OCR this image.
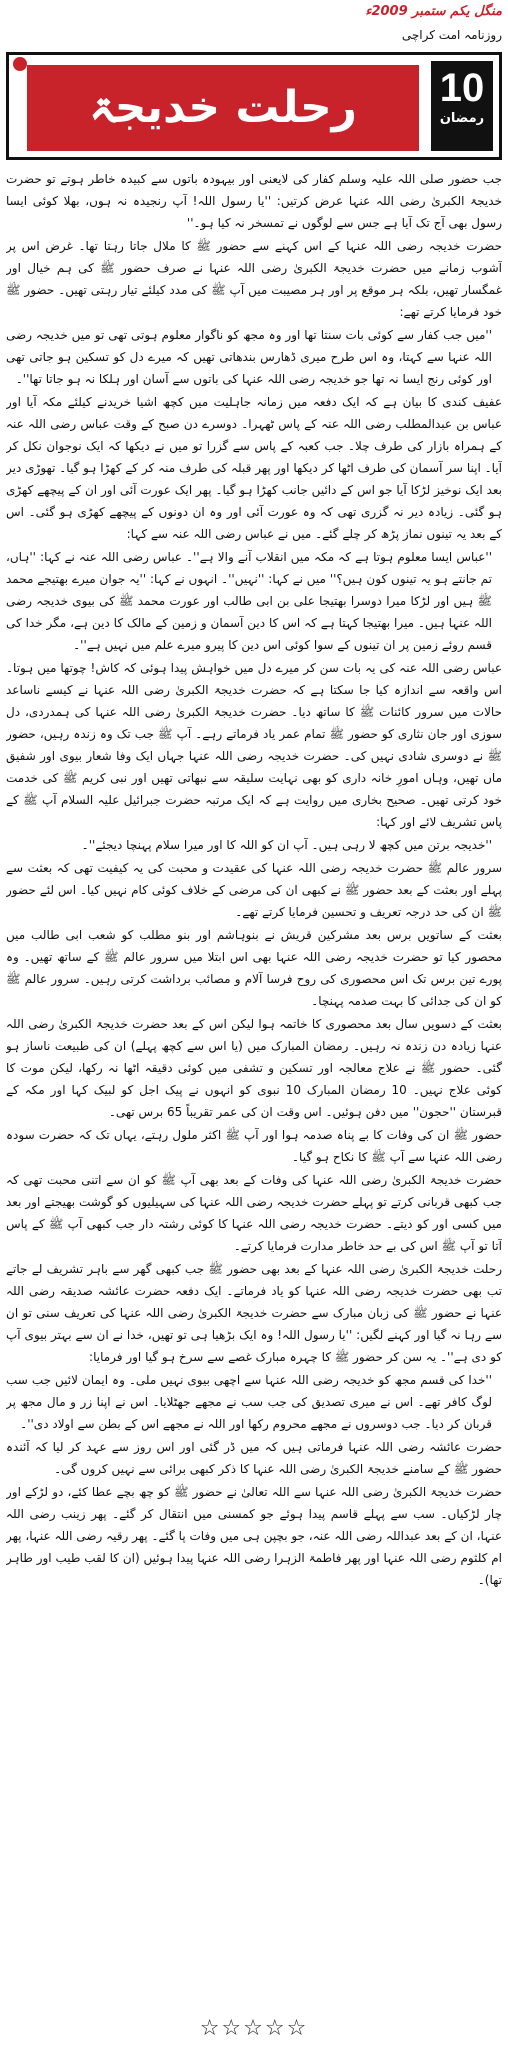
منگل یکم ستمبر 2009ء
روزنامہ امت کراچی
10
رمضان
رحلت خدیجۃ الکبریٰ

جب حضور صلی اللہ علیہ وسلم کفار کی لایعنی اور بیہودہ باتوں سے کبیدہ خاطر ہوتے تو حضرت خدیجۃ الکبریٰ رضی اللہ عنہا عرض کرتیں: ''یا رسول اللہ! آپ رنجیدہ نہ ہوں، بھلا کوئی ایسا رسول بھی آج تک آیا ہے جس سے لوگوں نے تمسخر نہ کیا ہو۔''

حضرت خدیجہ رضی اللہ عنہا کے اس کہنے سے حضور ﷺ کا ملال جاتا رہتا تھا۔ غرض اس پر آشوب زمانے میں حضرت خدیجۃ الکبریٰ رضی اللہ عنہا نے صرف حضور ﷺ کی ہم خیال اور غمگسار تھیں، بلکہ ہر موقع پر اور ہر مصیبت میں آپ ﷺ کی مدد کیلئے تیار رہتی تھیں۔ حضور ﷺ خود فرمایا کرتے تھے:

''میں جب کفار سے کوئی بات سنتا تھا اور وہ مجھ کو ناگوار معلوم ہوتی تھی تو میں خدیجہ رضی اللہ عنہا سے کہتا، وہ اس طرح میری ڈھارس بندھاتی تھیں کہ میرے دل کو تسکین ہو جاتی تھی اور کوئی رنج ایسا نہ تھا جو خدیجہ رضی اللہ عنہا کی باتوں سے آسان اور ہلکا نہ ہو جاتا تھا''۔

عفیف کندی کا بیان ہے کہ ایک دفعہ میں زمانہ جاہلیت میں کچھ اشیا خریدنے کیلئے مکہ آیا اور عباس بن عبدالمطلب رضی اللہ عنہ کے پاس ٹھہرا۔ دوسرے دن صبح کے وقت عباس رضی اللہ عنہ کے ہمراہ بازار کی طرف چلا۔ جب کعبہ کے پاس سے گزرا تو میں نے دیکھا کہ ایک نوجوان نکل کر آیا۔ اپنا سر آسمان کی طرف اٹھا کر دیکھا اور پھر قبلہ کی طرف منہ کر کے کھڑا ہو گیا۔ تھوڑی دیر بعد ایک نوخیز لڑکا آیا جو اس کے دائیں جانب کھڑا ہو گیا۔ پھر ایک عورت آئی اور ان کے پیچھے کھڑی ہو گئی۔ زیادہ دیر نہ گزری تھی کہ وہ عورت آئی اور وہ ان دونوں کے پیچھے کھڑی ہو گئی۔ اس کے بعد یہ تینوں نماز پڑھ کر چلے گئے۔ میں نے عباس رضی اللہ عنہ سے کہا:

''عباس ایسا معلوم ہوتا ہے کہ مکہ میں انقلاب آنے والا ہے''۔ عباس رضی اللہ عنہ نے کہا: ''ہاں، تم جانتے ہو یہ تینوں کون ہیں؟'' میں نے کہا: ''نہیں''۔ انہوں نے کہا: ''یہ جوان میرے بھتیجے محمد ﷺ ہیں اور لڑکا میرا دوسرا بھتیجا علی بن ابی طالب اور عورت محمد ﷺ کی بیوی خدیجہ رضی اللہ عنہا ہیں۔ میرا بھتیجا کہتا ہے کہ اس کا دین آسمان و زمین کے مالک کا دین ہے، مگر خدا کی قسم روئے زمین پر ان تینوں کے سوا کوئی اس دین کا پیرو میرے علم میں نہیں ہے''۔

عباس رضی اللہ عنہ کی یہ بات سن کر میرے دل میں خواہش پیدا ہوئی کہ کاش! چوتھا میں ہوتا۔ اس واقعہ سے اندازہ کیا جا سکتا ہے کہ حضرت خدیجۃ الکبریٰ رضی اللہ عنہا نے کیسے ناساعد حالات میں سرور کائنات ﷺ کا ساتھ دیا۔ حضرت خدیجۃ الکبریٰ رضی اللہ عنہا کی ہمدردی، دل سوزی اور جان نثاری کو حضور ﷺ تمام عمر یاد فرماتے رہے۔ آپ ﷺ جب تک وہ زندہ رہیں، حضور ﷺ نے دوسری شادی نہیں کی۔ حضرت خدیجہ رضی اللہ عنہا جہاں ایک وفا شعار بیوی اور شفیق ماں تھیں، وہاں امورِ خانہ داری کو بھی نہایت سلیقہ سے نبھاتی تھیں اور نبی کریم ﷺ کی خدمت خود کرتی تھیں۔ صحیح بخاری میں روایت ہے کہ ایک مرتبہ حضرت جبرائیل علیہ السلام آپ ﷺ کے پاس تشریف لائے اور کہا:

''خدیجہ برتن میں کچھ لا رہی ہیں۔ آپ ان کو اللہ کا اور میرا سلام پہنچا دیجئے''۔

سرور عالم ﷺ حضرت خدیجہ رضی اللہ عنہا کی عقیدت و محبت کی یہ کیفیت تھی کہ بعثت سے پہلے اور بعثت کے بعد حضور ﷺ نے کبھی ان کی مرضی کے خلاف کوئی کام نہیں کیا۔ اس لئے حضور ﷺ ان کی حد درجہ تعریف و تحسین فرمایا کرتے تھے۔

بعثت کے ساتویں برس بعد مشرکین قریش نے بنوہاشم اور بنو مطلب کو شعب ابی طالب میں محصور کیا تو حضرت خدیجہ رضی اللہ عنہا بھی اس ابتلا میں سرور عالم ﷺ کے ساتھ تھیں۔ وہ پورے تین برس تک اس محصوری کی روح فرسا آلام و مصائب برداشت کرتی رہیں۔ سرور عالم ﷺ کو ان کی جدائی کا بہت صدمہ پہنچا۔

بعثت کے دسویں سال بعد محصوری کا خاتمہ ہوا لیکن اس کے بعد حضرت خدیجۃ الکبریٰ رضی اللہ عنہا زیادہ دن زندہ نہ رہیں۔ رمضان المبارک میں (یا اس سے کچھ پہلے) ان کی طبیعت ناساز ہو گئی۔ حضور ﷺ نے علاج معالجہ اور تسکین و تشفی میں کوئی دقیقہ اٹھا نہ رکھا، لیکن موت کا کوئی علاج نہیں۔ 10 رمضان المبارک 10 نبوی کو انہوں نے پیک اجل کو لبیک کہا اور مکہ کے قبرستان ''حجون'' میں دفن ہوئیں۔ اس وقت ان کی عمر تقریباً 65 برس تھی۔

حضور ﷺ ان کی وفات کا بے پناہ صدمہ ہوا اور آپ ﷺ اکثر ملول رہتے، یہاں تک کہ حضرت سودہ رضی اللہ عنہا سے آپ ﷺ کا نکاح ہو گیا۔

حضرت خدیجۃ الکبریٰ رضی اللہ عنہا کی وفات کے بعد بھی آپ ﷺ کو ان سے اتنی محبت تھی کہ جب کبھی قربانی کرتے تو پہلے حضرت خدیجہ رضی اللہ عنہا کی سہیلیوں کو گوشت بھیجتے اور بعد میں کسی اور کو دیتے۔ حضرت خدیجہ رضی اللہ عنہا کا کوئی رشتہ دار جب کبھی آپ ﷺ کے پاس آتا تو آپ ﷺ اس کی بے حد خاطر مدارت فرمایا کرتے۔

رحلت خدیجۃ الکبریٰ رضی اللہ عنہا کے بعد بھی حضور ﷺ جب کبھی گھر سے باہر تشریف لے جاتے تب بھی حضرت خدیجہ رضی اللہ عنہا کو یاد فرماتے۔ ایک دفعہ حضرت عائشہ صدیقہ رضی اللہ عنہا نے حضور ﷺ کی زبان مبارک سے حضرت خدیجۃ الکبریٰ رضی اللہ عنہا کی تعریف سنی تو ان سے رہا نہ گیا اور کہنے لگیں: ''یا رسول اللہ! وہ ایک بڑھیا ہی تو تھیں، خدا نے ان سے بہتر بیوی آپ کو دی ہے''۔ یہ سن کر حضور ﷺ کا چہرہ مبارک غصے سے سرخ ہو گیا اور فرمایا:

''خدا کی قسم مجھ کو خدیجہ رضی اللہ عنہا سے اچھی بیوی نہیں ملی۔ وہ ایمان لائیں جب سب لوگ کافر تھے۔ اس نے میری تصدیق کی جب سب نے مجھے جھٹلایا۔ اس نے اپنا زر و مال مجھ پر قربان کر دیا۔ جب دوسروں نے مجھے محروم رکھا اور اللہ نے مجھے اس کے بطن سے اولاد دی''۔

حضرت عائشہ رضی اللہ عنہا فرماتی ہیں کہ میں ڈر گئی اور اس روز سے عہد کر لیا کہ آئندہ حضور ﷺ کے سامنے خدیجۃ الکبریٰ رضی اللہ عنہا کا ذکر کبھی برائی سے نہیں کروں گی۔

حضرت خدیجۃ الکبریٰ رضی اللہ عنہا سے اللہ تعالیٰ نے حضور ﷺ کو چھ بچے عطا کئے، دو لڑکے اور چار لڑکیاں۔ سب سے پہلے قاسم پیدا ہوئے جو کمسنی میں انتقال کر گئے۔ پھر زینب رضی اللہ عنہا، ان کے بعد عبداللہ رضی اللہ عنہ، جو بچپن ہی میں وفات پا گئے۔ پھر رقیہ رضی اللہ عنہا، پھر ام کلثوم رضی اللہ عنہا اور پھر فاطمۃ الزہرا رضی اللہ عنہا پیدا ہوئیں (ان کا لقب طیب اور طاہر تھا)۔

☆☆☆☆☆
